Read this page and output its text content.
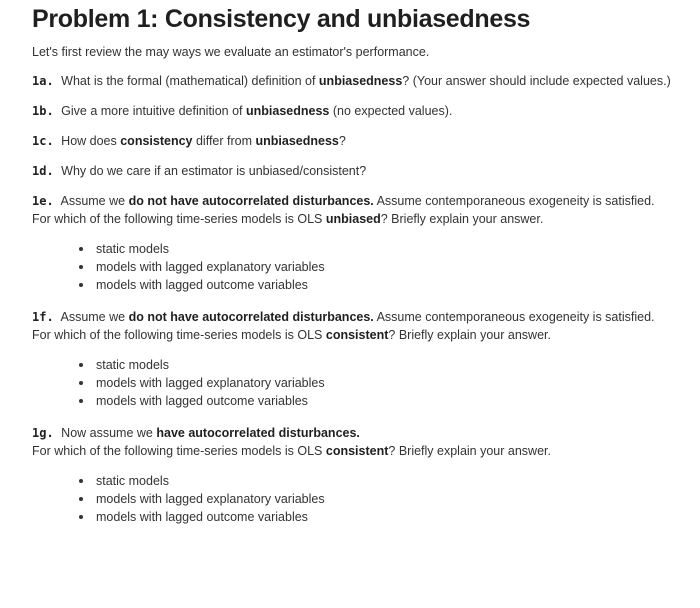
Problem 1: Consistency and unbiasedness

Let's first review the may ways we evaluate an estimator's performance.

1a. What is the formal (mathematical) definition of unbiasedness? (Your answer should include expected values.)

1b. Give a more intuitive definition of unbiasedness (no expected values).

1c. How does consistency differ from unbiasedness?

1d. Why do we care if an estimator is unbiased/consistent?

1e. Assume we do not have autocorrelated disturbances. Assume contemporaneous exogeneity is satisfied.
For which of the following time-series models is OLS unbiased? Briefly explain your answer.

static models
models with lagged explanatory variables
models with lagged outcome variables

1f. Assume we do not have autocorrelated disturbances. Assume contemporaneous exogeneity is satisfied.
For which of the following time-series models is OLS consistent? Briefly explain your answer.

static models
models with lagged explanatory variables
models with lagged outcome variables

1g. Now assume we have autocorrelated disturbances.
For which of the following time-series models is OLS consistent? Briefly explain your answer.

static models
models with lagged explanatory variables
models with lagged outcome variables
